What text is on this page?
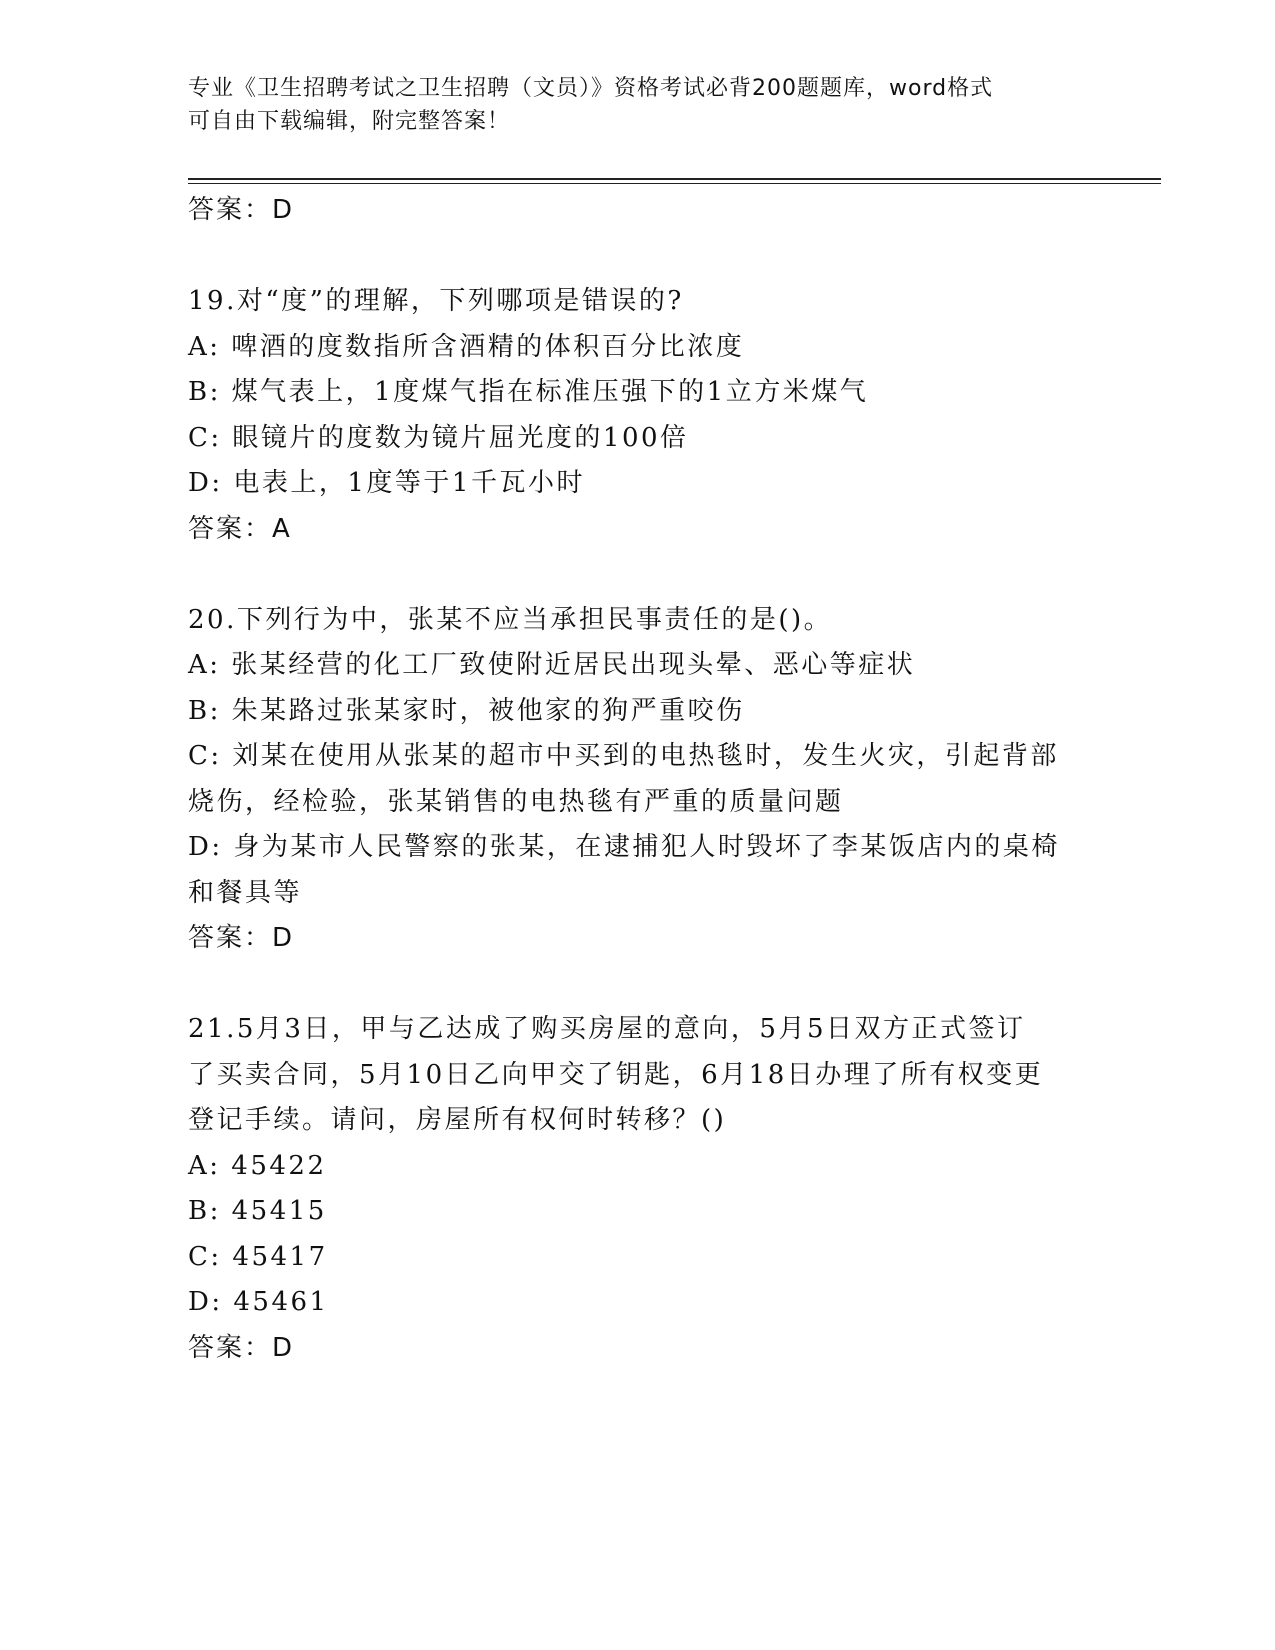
专业《卫生招聘考试之卫生招聘（文员）》资格考试必背200题题库，word格式
可自由下载编辑，附完整答案！
答案：D
19.对“度”的理解，下列哪项是错误的?
A: 啤酒的度数指所含酒精的体积百分比浓度
B: 煤气表上，1度煤气指在标准压强下的1立方米煤气
C: 眼镜片的度数为镜片屈光度的100倍
D: 电表上，1度等于1千瓦小时
答案：A
20.下列行为中，张某不应当承担民事责任的是()。
A: 张某经营的化工厂致使附近居民出现头晕、恶心等症状
B: 朱某路过张某家时，被他家的狗严重咬伤
C: 刘某在使用从张某的超市中买到的电热毯时，发生火灾，引起背部
烧伤，经检验，张某销售的电热毯有严重的质量问题
D: 身为某市人民警察的张某，在逮捕犯人时毁坏了李某饭店内的桌椅
和餐具等
答案：D
21.5月3日，甲与乙达成了购买房屋的意向，5月5日双方正式签订
了买卖合同，5月10日乙向甲交了钥匙，6月18日办理了所有权变更
登记手续。请问，房屋所有权何时转移？()
A: 45422
B: 45415
C: 45417
D: 45461
答案：D
